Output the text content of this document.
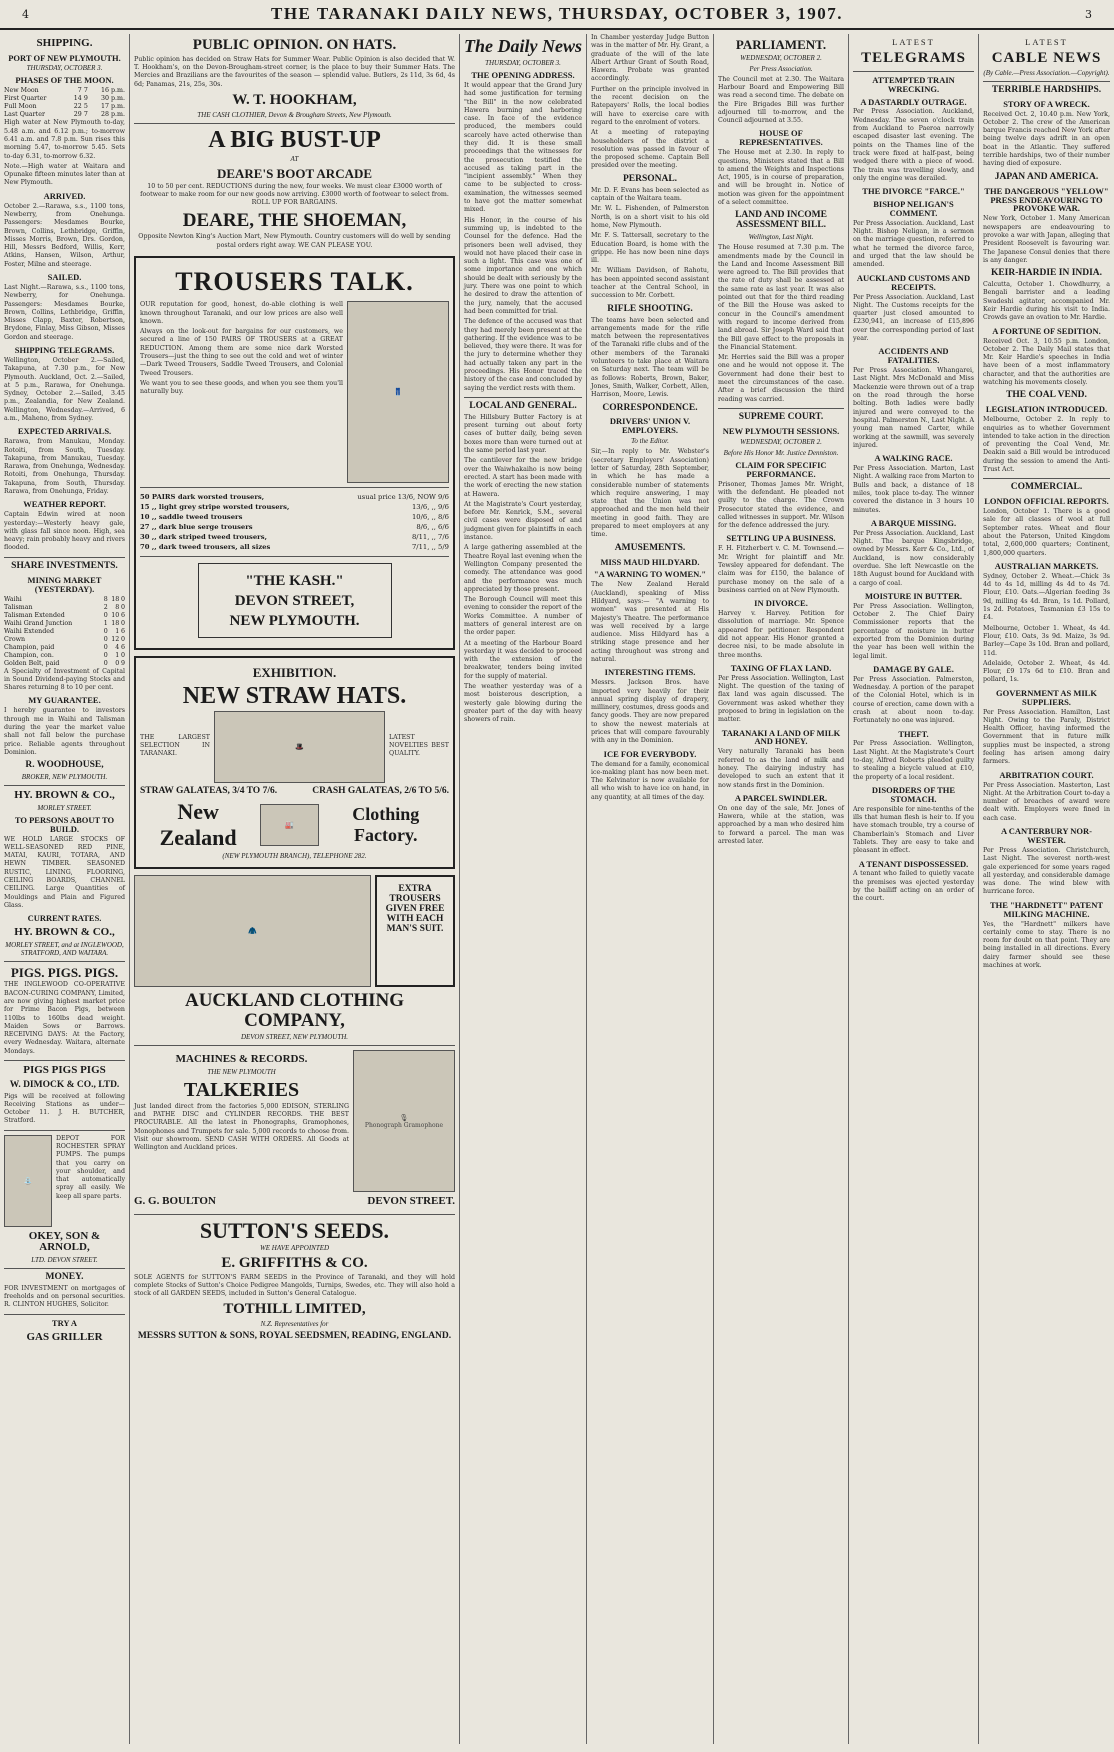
4	THE TARANAKI DAILY NEWS, THURSDAY, OCTOBER 3, 1907.	3
SHIPPING.
PORT OF NEW PLYMOUTH.
THURSDAY, OCTOBER 3.
PHASES OF THE MOON.
New Moon	7	7	16 p.m.
First Quarter	14	9	30 p.m.
Full Moon	22	5	17 p.m.
Last Quarter	29	7	28 p.m.

High water at New Plymouth to-day, 5.48 a.m. and 6.12 p.m.; to-morrow 6.41 a.m. and 7.8 p.m. Sun rises this morning 5.47, to-morrow 5.45. Sets to-day 6.31, to-morrow 6.32.

Note.—High water at Waitara and Opunake fifteen minutes later than at New Plymouth.

ARRIVED.

October 2.—Rarawa, s.s., 1100 tons, Newberry, from Onehunga. Passengers: Mesdames Bourke, Brown, Collins, Lethbridge, Griffin, Misses Morris, Brown, Drs. Gordon, Hill, Messrs Bedford, Willis, Kerr, Atkins, Hansen, Wilson, Arthur, Foster, Milne and steerage.

SAILED.

Last Night.—Rarawa, s.s., 1100 tons, Newberry, for Onehunga. Passengers: Mesdames Bourke, Brown, Collins, Lethbridge, Griffin, Misses Clapp, Baxter, Robertson, Brydone, Finlay, Miss Gibson, Misses Gordon and steerage.

SHIPPING TELEGRAMS.

Wellington, October 2.—Sailed, Takapuna, at 7.30 p.m., for New Plymouth. Auckland, Oct. 2.—Sailed, at 5 p.m., Rarawa, for Onehunga. Sydney, October 2.—Sailed, 3.45 p.m., Zealandia, for New Zealand. Wellington, Wednesday.—Arrived, 6 a.m., Maheno, from Sydney.

EXPECTED ARRIVALS.

Rarawa, from Manukau, Monday. Rotoiti, from South, Tuesday. Takapuna, from Manukau, Tuesday. Rarawa, from Onehunga, Wednesday. Rotoiti, from Onehunga, Thursday. Takapuna, from South, Thursday. Rarawa, from Onehunga, Friday.

WEATHER REPORT.

Captain Edwin wired at noon yesterday:—Westerly heavy gale, with glass fall since noon. High, sea heavy; rain probably heavy and rivers flooded.

SHARE INVESTMENTS.
MINING MARKET (YESTERDAY).
Waihi	8	18	0
Talisman	2	8	0
Talisman Extended	0	10	6
Waihi Grand Junction	1	18	0
Waihi Extended	0	1	6
Crown	0	12	0
Champion, paid	0	4	6
Champion, con.	0	1	0
Golden Belt, paid	0	0	9

A Specialty of Investment of Capital in Sound Dividend-paying Stocks and Shares returning 8 to 10 per cent.

MY GUARANTEE.

I hereby guarantee to investors through me in Waihi and Talisman during the year the market value shall not fall below the purchase price. Reliable agents throughout Dominion.

R. WOODHOUSE,
BROKER, NEW PLYMOUTH.
HY. BROWN & CO.,
MORLEY STREET.
TO PERSONS ABOUT TO BUILD.

WE HOLD LARGE STOCKS OF WELL-SEASONED RED PINE, MATAI, KAURI, TOTARA, AND HEWN TIMBER. SEASONED RUSTIC, LINING, FLOORING, CEILING BOARDS, CHANNEL CEILING. Large Quantities of Mouldings and Plain and Figured Glass.

CURRENT RATES.
HY. BROWN & CO.,
MORLEY STREET, and at INGLEWOOD, STRATFORD, AND WAITARA.
PIGS. PIGS. PIGS.

THE INGLEWOOD CO-OPERATIVE BACON-CURING COMPANY, Limited, are now giving highest market price for Prime Bacon Pigs, between 110lbs to 160lbs dead weight. Maiden Sows or Barrows. RECEIVING DAYS: At the Factory, every Wednesday. Waitara, alternate Mondays.

PIGS PIGS PIGS
W. DIMOCK & CO., LTD.

Pigs will be received at following Receiving Stations as under—October 11. J. H. BUTCHER, Stratford.

⛲

DEPOT FOR ROCHESTER SPRAY PUMPS. The pumps that you carry on your shoulder, and that automatically spray all easily. We keep all spare parts.

OKEY, SON & ARNOLD,
LTD. DEVON STREET.
MONEY.

FOR INVESTMENT on mortgages of freeholds and on personal securities. R. CLINTON HUGHES, Solicitor.

TRY A
GAS GRILLER
PUBLIC OPINION. ON HATS.

Public opinion has decided on Straw Hats for Summer Wear. Public Opinion is also decided that W. T. Hookham's, on the Devon-Brougham-street corner, is the place to buy their Summer Hats. The Mercies and Brazilians are the favourites of the season — splendid value. Butlers, 2s 11d, 3s 6d, 4s 6d; Panamas, 21s, 25s, 30s.

W. T. HOOKHAM,
THE CASH CLOTHIER, Devon & Brougham Streets, New Plymouth.
A BIG BUST-UP
AT
DEARE'S BOOT ARCADE

10 to 50 per cent. REDUCTIONS during the new, four weeks. We must clear £3000 worth of footwear to make room for our new goods now arriving. £3000 worth of footwear to select from. ROLL UP FOR BARGAINS.

DEARE, THE SHOEMAN,

Opposite Newton King's Auction Mart, New Plymouth. Country customers will do well by sending postal orders right away. WE CAN PLEASE YOU.

TROUSERS TALK.

OUR reputation for good, honest, do-able clothing is well known throughout Taranaki, and our low prices are also well known.

Always on the look-out for bargains for our customers, we secured a line of 150 PAIRS OF TROUSERS at a GREAT REDUCTION. Among them are some nice dark Worsted Trousers—just the thing to see out the cold and wet of winter—Dark Tweed Trousers, Saddle Tweed Trousers, and Colonial Tweed Trousers.

We want you to see these goods, and when you see them you'll naturally buy.	👖
50 PAIRS dark worsted trousers,	usual price 13/6, NOW 9/6
15 ,, light grey stripe worsted trousers,	13/6, ,, 9/6
10 ,, saddle tweed trousers	10/6, ,, 8/6
27 ,, dark blue serge trousers	8/6, ,, 6/6
30 ,, dark striped tweed trousers,	8/11, ,, 7/6
70 ,, dark tweed trousers, all sizes	7/11, ,, 5/9
"THE KASH."
DEVON STREET,
NEW PLYMOUTH.
EXHIBITION.
NEW STRAW HATS.

THE LARGEST SELECTION IN TARANAKI.

🎩

LATEST NOVELTIES BEST QUALITY.

STRAW GALATEAS, 3/4 TO 7/6.	CRASH GALATEAS, 2/6 TO 5/6.
New Zealand	🏭
Clothing Factory.
(NEW PLYMOUTH BRANCH), TELEPHONE 282.
🧥
EXTRA TROUSERS GIVEN FREE WITH EACH MAN'S SUIT.
AUCKLAND CLOTHING COMPANY,
DEVON STREET, NEW PLYMOUTH.
MACHINES & RECORDS.
THE NEW PLYMOUTH
TALKERIES

Just landed direct from the factories 5,000 EDISON, STERLING and PATHE DISC and CYLINDER RECORDS. THE BEST PROCURABLE. All the latest in Phonographs, Gramophones, Monophones and Trumpets for sale. 5,000 records to choose from. Visit our showroom. SEND CASH WITH ORDERS. All Goods at Wellington and Auckland prices.

🎙
Phonograph Gramophone
G. G. BOULTON	DEVON STREET.
SUTTON'S SEEDS.
WE HAVE APPOINTED
E. GRIFFITHS & CO.

SOLE AGENTS for SUTTON'S FARM SEEDS in the Province of Taranaki, and they will hold complete Stocks of Sutton's Choice Pedigree Mangolds, Turnips, Swedes, etc. They will also hold a stock of all GARDEN SEEDS, included in Sutton's General Catalogue.

TOTHILL LIMITED,
N.Z. Representatives for
MESSRS SUTTON & SONS, ROYAL SEEDSMEN, READING, ENGLAND.
The Daily News
THURSDAY, OCTOBER 3.
THE OPENING ADDRESS.

It would appear that the Grand Jury had some justification for terming "the Bill" in the now celebrated Hawera burning and harboring case. In face of the evidence produced, the members could scarcely have acted otherwise than they did. It is these small proceedings that the witnesses for the prosecution testified the accused as taking part in the "incipient assembly." When they came to be subjected to cross-examination, the witnesses seemed to have got the matter somewhat mixed.

His Honor, in the course of his summing up, is indebted to the Counsel for the defence. Had the prisoners been well advised, they would not have placed their case in such a light. This case was one of some importance and one which should be dealt with seriously by the jury. There was one point to which he desired to draw the attention of the jury, namely, that the accused had been committed for trial.

The defence of the accused was that they had merely been present at the gathering. If the evidence was to be believed, they were there. It was for the jury to determine whether they had actually taken any part in the proceedings. His Honor traced the history of the case and concluded by saying the verdict rests with them.

LOCAL AND GENERAL.

The Hillsbury Butter Factory is at present turning out about forty cases of butter daily, being seven boxes more than were turned out at the same period last year.

The cantilever for the new bridge over the Waiwhakaiho is now being erected. A start has been made with the work of erecting the new station at Hawera.

At the Magistrate's Court yesterday, before Mr. Kenrick, S.M., several civil cases were disposed of and judgment given for plaintiffs in each instance.

A large gathering assembled at the Theatre Royal last evening when the Wellington Company presented the comedy. The attendance was good and the performance was much appreciated by those present.

The Borough Council will meet this evening to consider the report of the Works Committee. A number of matters of general interest are on the order paper.

At a meeting of the Harbour Board yesterday it was decided to proceed with the extension of the breakwater, tenders being invited for the supply of material.

The weather yesterday was of a most boisterous description, a westerly gale blowing during the greater part of the day with heavy showers of rain.

In Chamber yesterday Judge Button was in the matter of Mr. Hy. Grant, a graduate of the will of the late Albert Arthur Grant of South Road, Hawera. Probate was granted accordingly.

Further on the principle involved in the recent decision on the Ratepayers' Rolls, the local bodies will have to exercise care with regard to the enrolment of voters.

At a meeting of ratepaying householders of the district a resolution was passed in favour of the proposed scheme. Captain Bell presided over the meeting.

PERSONAL.

Mr. D. F. Evans has been selected as captain of the Waitara team.

Mr. W. L. Fishenden, of Palmerston North, is on a short visit to his old home, New Plymouth.

Mr. F. S. Tattersall, secretary to the Education Board, is home with the grippe. He has now been nine days ill.

Mr. William Davidson, of Rahotu, has been appointed second assistant teacher at the Central School, in succession to Mr. Corbett.

RIFLE SHOOTING.

The teams have been selected and arrangements made for the rifle match between the representatives of the Taranaki rifle clubs and of the other members of the Taranaki volunteers to take place at Waitara on Saturday next. The team will be as follows: Roberts, Brown, Baker, Jones, Smith, Walker, Corbett, Allen, Harrison, Moore, Lewis.

CORRESPONDENCE.
DRIVERS' UNION V. EMPLOYERS.
To the Editor.

Sir,—In reply to Mr. Webster's (secretary Employers' Association) letter of Saturday, 28th September, in which he has made a considerable number of statements which require answering, I may state that the Union was not approached and the men held their meeting in good faith. They are prepared to meet employers at any time.

AMUSEMENTS.
MISS MAUD HILDYARD.
"A WARNING TO WOMEN."

The New Zealand Herald (Auckland), speaking of Miss Hildyard, says:— "A warning to women" was presented at His Majesty's Theatre. The performance was well received by a large audience. Miss Hildyard has a striking stage presence and her acting throughout was strong and natural.

INTERESTING ITEMS.

Messrs. Jackson Bros. have imported very heavily for their annual spring display of drapery, millinery, costumes, dress goods and fancy goods. They are now prepared to show the newest materials at prices that will compare favourably with any in the Dominion.

ICE FOR EVERYBODY.

The demand for a family, economical ice-making plant has now been met. The Kelvinator is now available for all who wish to have ice on hand, in any quantity, at all times of the day.

PARLIAMENT.
WEDNESDAY, OCTOBER 2.
Per Press Association.

The Council met at 2.30. The Waitara Harbour Board and Empowering Bill was read a second time. The debate on the Fire Brigades Bill was further adjourned till to-morrow, and the Council adjourned at 3.55.

HOUSE OF REPRESENTATIVES.

The House met at 2.30. In reply to questions, Ministers stated that a Bill to amend the Weights and Inspections Act, 1905, is in course of preparation, and will be brought in. Notice of motion was given for the appointment of a select committee.

LAND AND INCOME ASSESSMENT BILL.
Wellington, Last Night.

The House resumed at 7.30 p.m. The amendments made by the Council in the Land and Income Assessment Bill were agreed to. The Bill provides that the rate of duty shall be assessed at the same rate as last year. It was also pointed out that for the third reading of the Bill the House was asked to concur in the Council's amendment with regard to income derived from land abroad. Sir Joseph Ward said that the Bill gave effect to the proposals in the Financial Statement.

Mr. Herries said the Bill was a proper one and he would not oppose it. The Government had done their best to meet the circumstances of the case. After a brief discussion the third reading was carried.

SUPREME COURT.
NEW PLYMOUTH SESSIONS.
WEDNESDAY, OCTOBER 2.
Before His Honor Mr. Justice Denniston.
CLAIM FOR SPECIFIC PERFORMANCE.

Prisoner, Thomas James Mr. Wright, with the defendant. He pleaded not guilty to the charge. The Crown Prosecutor stated the evidence, and called witnesses in support. Mr. Wilson for the defence addressed the jury.

SETTLING UP A BUSINESS.

F. H. Fitzherbert v. C. M. Townsend.—Mr. Wright for plaintiff and Mr. Tewsley appeared for defendant. The claim was for £150, the balance of purchase money on the sale of a business carried on at New Plymouth.

IN DIVORCE.

Harvey v. Harvey. Petition for dissolution of marriage. Mr. Spence appeared for petitioner. Respondent did not appear. His Honor granted a decree nisi, to be made absolute in three months.

TAXING OF FLAX LAND.

Per Press Association. Wellington, Last Night. The question of the taxing of flax land was again discussed. The Government was asked whether they proposed to bring in legislation on the matter.

TARANAKI A LAND OF MILK AND HONEY.

Very naturally Taranaki has been referred to as the land of milk and honey. The dairying industry has developed to such an extent that it now stands first in the Dominion.

A PARCEL SWINDLER.

On one day of the sale, Mr. Jones of Hawera, while at the station, was approached by a man who desired him to forward a parcel. The man was arrested later.

LATEST
TELEGRAMS
ATTEMPTED TRAIN WRECKING.
A DASTARDLY OUTRAGE.

Per Press Association. Auckland, Wednesday. The seven o'clock train from Auckland to Paeroa narrowly escaped disaster last evening. The points on the Thames line of the track were fixed at half-past, being wedged there with a piece of wood. The train was travelling slowly, and only the engine was derailed.

THE DIVORCE "FARCE."
BISHOP NELIGAN'S COMMENT.

Per Press Association. Auckland, Last Night. Bishop Neligan, in a sermon on the marriage question, referred to what he termed the divorce farce, and urged that the law should be amended.

AUCKLAND CUSTOMS AND RECEIPTS.

Per Press Association. Auckland, Last Night. The Customs receipts for the quarter just closed amounted to £230,941, an increase of £15,896 over the corresponding period of last year.

ACCIDENTS AND FATALITIES.

Per Press Association. Whangarei, Last Night. Mrs McDonald and Miss Mackenzie were thrown out of a trap on the road through the horse bolting. Both ladies were badly injured and were conveyed to the hospital. Palmerston N., Last Night. A young man named Carter, while working at the sawmill, was severely injured.

A WALKING RACE.

Per Press Association. Marton, Last Night. A walking race from Marton to Bulls and back, a distance of 18 miles, took place to-day. The winner covered the distance in 3 hours 10 minutes.

A BARQUE MISSING.

Per Press Association. Auckland, Last Night. The barque Kingsbridge, owned by Messrs. Kerr & Co., Ltd., of Auckland, is now considerably overdue. She left Newcastle on the 18th August bound for Auckland with a cargo of coal.

MOISTURE IN BUTTER.

Per Press Association. Wellington, October 2. The Chief Dairy Commissioner reports that the percentage of moisture in butter exported from the Dominion during the year has been well within the legal limit.

DAMAGE BY GALE.

Per Press Association. Palmerston, Wednesday. A portion of the parapet of the Colonial Hotel, which is in course of erection, came down with a crash at about noon to-day. Fortunately no one was injured.

THEFT.

Per Press Association. Wellington, Last Night. At the Magistrate's Court to-day, Alfred Roberts pleaded guilty to stealing a bicycle valued at £10, the property of a local resident.

DISORDERS OF THE STOMACH.

Are responsible for nine-tenths of the ills that human flesh is heir to. If you have stomach trouble, try a course of Chamberlain's Stomach and Liver Tablets. They are easy to take and pleasant in effect.

A TENANT DISPOSSESSED.

A tenant who failed to quietly vacate the premises was ejected yesterday by the bailiff acting on an order of the court.

LATEST
CABLE NEWS
(By Cable.—Press Association.—Copyright).
TERRIBLE HARDSHIPS.
STORY OF A WRECK.

Received Oct. 2, 10.40 p.m. New York, October 2. The crew of the American barque Francis reached New York after being twelve days adrift in an open boat in the Atlantic. They suffered terrible hardships, two of their number having died of exposure.

JAPAN AND AMERICA.
THE DANGEROUS "YELLOW" PRESS ENDEAVOURING TO PROVOKE WAR.

New York, October 1. Many American newspapers are endeavouring to provoke a war with Japan, alleging that President Roosevelt is favouring war. The Japanese Consul denies that there is any danger.

KEIR-HARDIE IN INDIA.

Calcutta, October 1. Chowdhurry, a Bengali barrister and a leading Swadeshi agitator, accompanied Mr. Keir Hardie during his visit to India. Crowds gave an ovation to Mr. Hardie.

A FORTUNE OF SEDITION.

Received Oct. 3, 10.55 p.m. London, October 2. The Daily Mail states that Mr. Keir Hardie's speeches in India have been of a most inflammatory character, and that the authorities are watching his movements closely.

THE COAL VEND.
LEGISLATION INTRODUCED.

Melbourne, October 2. In reply to enquiries as to whether Government intended to take action in the direction of preventing the Coal Vend, Mr. Deakin said a Bill would be introduced during the session to amend the Anti-Trust Act.

COMMERCIAL.
LONDON OFFICIAL REPORTS.

London, October 1. There is a good sale for all classes of wool at full September rates. Wheat and flour about the Paterson, United Kingdom total, 2,600,000 quarters; Continent, 1,800,000 quarters.

AUSTRALIAN MARKETS.

Sydney, October 2. Wheat.—Chick 3s 4d to 4s 1d, milling 4s 4d to 4s 7d. Flour, £10. Oats.—Algerian feeding 3s 9d, milling 4s 4d. Bran, 1s 1d. Pollard, 1s 2d. Potatoes, Tasmanian £3 15s to £4.

Melbourne, October 1. Wheat, 4s 4d. Flour, £10. Oats, 3s 9d. Maize, 3s 9d. Barley—Cape 3s 10d. Bran and pollard, 11d.

Adelaide, October 2. Wheat, 4s 4d. Flour, £9 17s 6d to £10. Bran and pollard, 1s.

GOVERNMENT AS MILK SUPPLIERS.

Per Press Association. Hamilton, Last Night. Owing to the Paraly, District Health Officer, having informed the Government that in future milk supplies must be inspected, a strong feeling has arisen among dairy farmers.

ARBITRATION COURT.

Per Press Association. Masterton, Last Night. At the Arbitration Court to-day a number of breaches of award were dealt with. Employers were fined in each case.

A CANTERBURY NOR-WESTER.

Per Press Association. Christchurch, Last Night. The severest north-west gale experienced for some years raged all yesterday, and considerable damage was done. The wind blew with hurricane force.

THE "HARDNETT" PATENT MILKING MACHINE.

Yes, the "Hardnett" milkers have certainly come to stay. There is no room for doubt on that point. They are being installed in all directions. Every dairy farmer should see these machines at work.
